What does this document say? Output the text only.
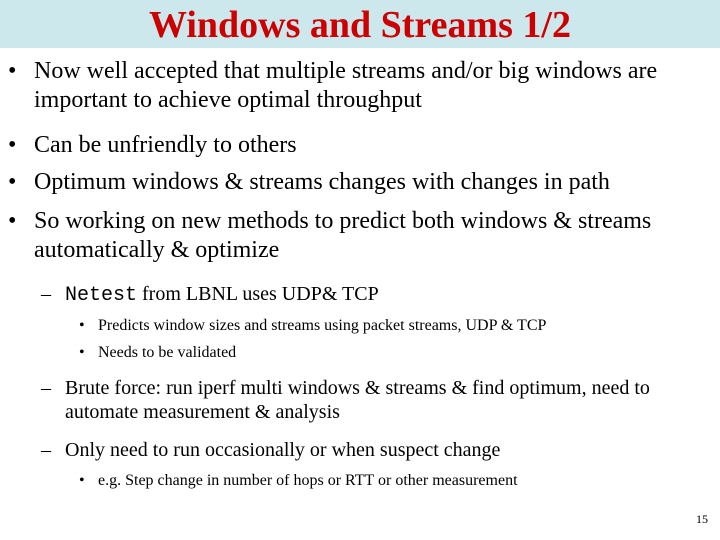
Windows and Streams 1/2

• Now well accepted that multiple streams and/or big windows are important to achieve optimal throughput

• Can be unfriendly to others

• Optimum windows & streams changes with changes in path

• So working on new methods to predict both windows & streams automatically & optimize

– Netest from LBNL uses UDP& TCP

• Predicts window sizes and streams using packet streams, UDP & TCP

• Needs to be validated

– Brute force: run iperf multi windows & streams & find optimum, need to automate measurement & analysis

– Only need to run occasionally or when suspect change

• e.g. Step change in number of hops or RTT or other measurement

15
